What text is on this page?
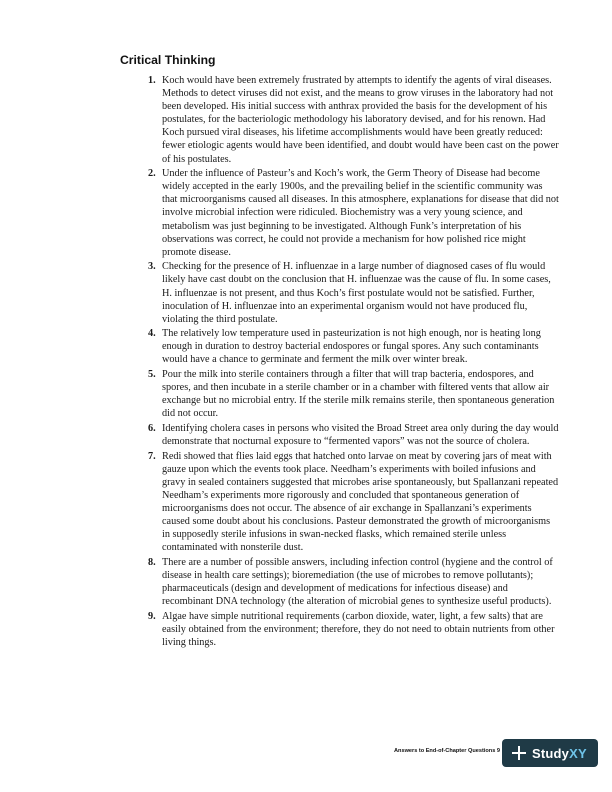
Critical Thinking
1. Koch would have been extremely frustrated by attempts to identify the agents of viral diseases. Methods to detect viruses did not exist, and the means to grow viruses in the laboratory had not been developed. His initial success with anthrax provided the basis for the development of his postulates, for the bacteriologic methodology his laboratory devised, and for his renown. Had Koch pursued viral diseases, his lifetime accomplishments would have been greatly reduced: fewer etiologic agents would have been identified, and doubt would have been cast on the power of his postulates.
2. Under the influence of Pasteur’s and Koch’s work, the Germ Theory of Disease had become widely accepted in the early 1900s, and the prevailing belief in the scientific community was that microorganisms caused all diseases. In this atmosphere, explanations for disease that did not involve microbial infection were ridiculed. Biochemistry was a very young science, and metabolism was just beginning to be investigated. Although Funk’s interpretation of his observations was correct, he could not provide a mechanism for how polished rice might promote disease.
3. Checking for the presence of H. influenzae in a large number of diagnosed cases of flu would likely have cast doubt on the conclusion that H. influenzae was the cause of flu. In some cases, H. influenzae is not present, and thus Koch’s first postulate would not be satisfied. Further, inoculation of H. influenzae into an experimental organism would not have produced flu, violating the third postulate.
4. The relatively low temperature used in pasteurization is not high enough, nor is heating long enough in duration to destroy bacterial endospores or fungal spores. Any such contaminants would have a chance to germinate and ferment the milk over winter break.
5. Pour the milk into sterile containers through a filter that will trap bacteria, endospores, and spores, and then incubate in a sterile chamber or in a chamber with filtered vents that allow air exchange but no microbial entry. If the sterile milk remains sterile, then spontaneous generation did not occur.
6. Identifying cholera cases in persons who visited the Broad Street area only during the day would demonstrate that nocturnal exposure to “fermented vapors” was not the source of cholera.
7. Redi showed that flies laid eggs that hatched onto larvae on meat by covering jars of meat with gauze upon which the events took place. Needham’s experiments with boiled infusions and gravy in sealed containers suggested that microbes arise spontaneously, but Spallanzani repeated Needham’s experiments more rigorously and concluded that spontaneous generation of microorganisms does not occur. The absence of air exchange in Spallanzani’s experiments caused some doubt about his conclusions. Pasteur demonstrated the growth of microorganisms in supposedly sterile infusions in swan-necked flasks, which remained sterile unless contaminated with nonsterile dust.
8. There are a number of possible answers, including infection control (hygiene and the control of disease in health care settings); bioremediation (the use of microbes to remove pollutants); pharmaceuticals (design and development of medications for infectious disease) and recombinant DNA technology (the alteration of microbial genes to synthesize useful products).
9. Algae have simple nutritional requirements (carbon dioxide, water, light, a few salts) that are easily obtained from the environment; therefore, they do not need to obtain nutrients from other living things.
Answers to End-of-Chapter Questions 9	StudyXY
